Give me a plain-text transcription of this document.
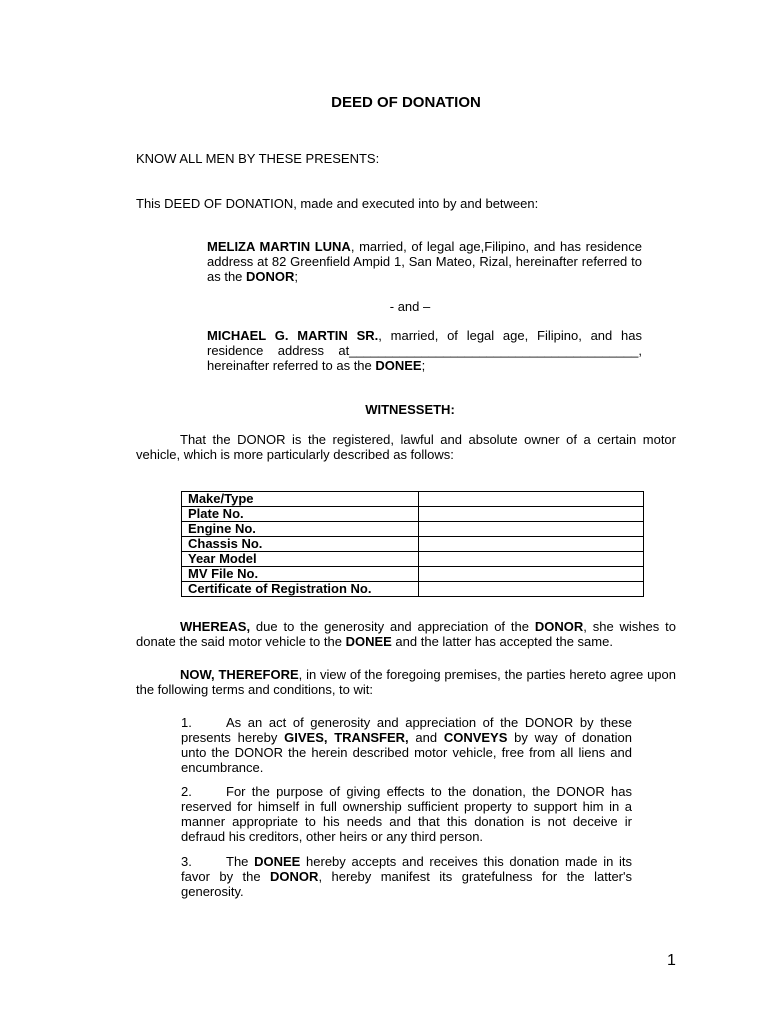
DEED OF DONATION
KNOW ALL MEN BY THESE PRESENTS:
This DEED OF DONATION, made and executed into by and between:
MELIZA MARTIN LUNA, married, of legal age,Filipino, and has residence address at 82 Greenfield Ampid 1, San Mateo, Rizal, hereinafter referred to as the DONOR;
- and –
MICHAEL G. MARTIN SR., married, of legal age, Filipino, and has residence address at________________________________________, hereinafter referred to as the DONEE;
WITNESSETH:
That the DONOR is the registered, lawful and absolute owner of a certain motor vehicle, which is more particularly described as follows:
Make/Type	
Plate No.	
Engine No.	
Chassis No.	
Year Model	
MV File No.	
Certificate of Registration No.	
WHEREAS, due to the generosity and appreciation of the DONOR, she wishes to donate the said motor vehicle to the DONEE and the latter has accepted the same.
NOW, THEREFORE, in view of the foregoing premises, the parties hereto agree upon the following terms and conditions, to wit:
1.	As an act of generosity and appreciation of the DONOR by these presents hereby GIVES, TRANSFER, and CONVEYS by way of donation unto the DONOR the herein described motor vehicle, free from all liens and encumbrance.
2.	For the purpose of giving effects to the donation, the DONOR has reserved for himself in full ownership sufficient property to support him in a manner appropriate to his needs and that this donation is not deceive ir defraud his creditors, other heirs or any third person.
3.	The DONEE hereby accepts and receives this donation made in its favor by the DONOR, hereby manifest its gratefulness for the latter's generosity.
1
